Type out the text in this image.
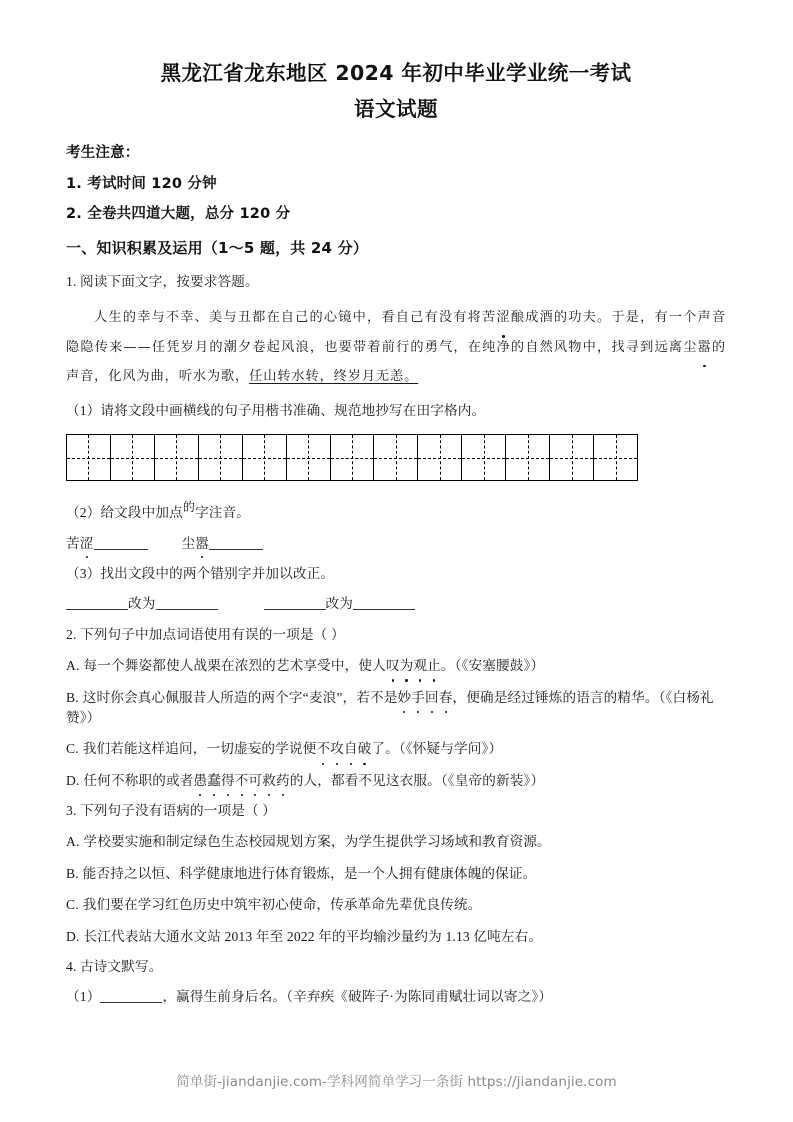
黑龙江省龙东地区 2024 年初中毕业学业统一考试
语文试题
考生注意：
1. 考试时间 120 分钟
2. 全卷共四道大题，总分 120 分
一、知识积累及运用（1～5 题，共 24 分）
1. 阅读下面文字，按要求答题。
人生的幸与不幸、美与丑都在自己的心镜中，看自己有没有将苦涩酿成酒的功夫。于是，有一个声音隐隐传来——任凭岁月的潮夕卷起风浪，也要带着前行的勇气，在纯净的自然风物中，找寻到远离尘嚣的声音，化风为曲，听水为歌，任山转水转，终岁月无恙。
（1）请将文段中画横线的句子用楷书准确、规范地抄写在田字格内。
（2）给文段中加点的字注音。
苦涩	尘嚣
（3）找出文段中的两个错别字并加以改正。
改为	改为
2. 下列句子中加点词语使用有误的一项是（ ）
A. 每一个舞姿都使人战栗在浓烈的艺术享受中，使人叹为观止。（《安塞腰鼓》）
B. 这时你会真心佩服昔人所造的两个字“麦浪”，若不是妙手回春，便确是经过锤炼的语言的精华。（《白杨礼赞》）
C. 我们若能这样追问，一切虚妄的学说便不攻自破了。（《怀疑与学问》）
D. 任何不称职的或者愚蠢得不可救药的人，都看不见这衣服。（《皇帝的新装》）
3. 下列句子没有语病的一项是（ ）
A. 学校要实施和制定绿色生态校园规划方案，为学生提供学习场域和教育资源。
B. 能否持之以恒、科学健康地进行体育锻炼，是一个人拥有健康体魄的保证。
C. 我们要在学习红色历史中筑牢初心使命，传承革命先辈优良传统。
D. 长江代表站大通水文站 2013 年至 2022 年的平均输沙量约为 1.13 亿吨左右。
4. 古诗文默写。
（1）	，赢得生前身后名。（辛弃疾《破阵子·为陈同甫赋壮词以寄之》）
简单街-jiandanjie.com-学科网简单学习一条街 https://jiandanjie.com
